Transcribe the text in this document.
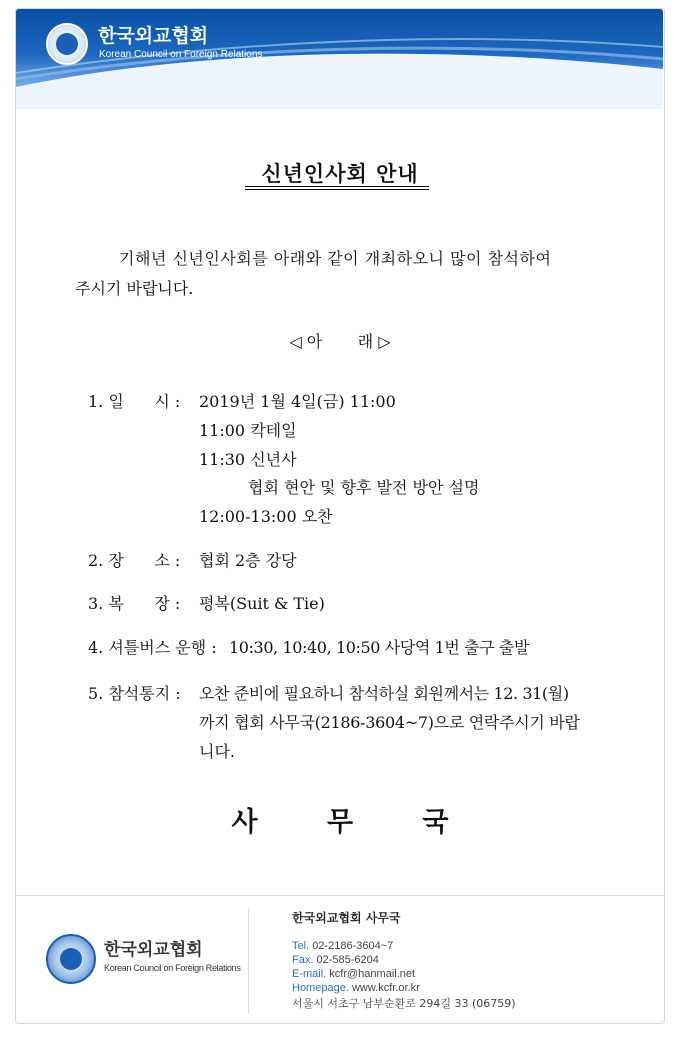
한국외교협회
Korean Council on Foreign Relations
신년인사회 안내
기해년 신년인사회를 아래와 같이 개최하오니 많이 참석하여
주시기 바랍니다.
◁ 아       래 ▷
1. 일      시 : 2019년 1월 4일(금) 11:00
11:00 칵테일
11:30 신년사
협회 현안 및 향후 발전 방안 설명
12:00-13:00 오찬
2. 장      소 : 협회 2층 강당
3. 복      장 : 평복(Suit & Tie)
4. 셔틀버스 운행 : 10:30, 10:40, 10:50 사당역 1번 출구 출발
5. 참석통지 : 오찬 준비에 필요하니 참석하실 회원께서는 12. 31(월)
까지 협회 사무국(2186-3604~7)으로 연락주시기 바랍
니다.
사 무 국
한국외교협회
Korean Council on Foreign Relations
한국외교협회 사무국
Tel. 02-2186-3604~7
Fax. 02-585-6204
E-mail. kcfr@hanmail.net
Homepage. www.kcfr.or.kr
서울시 서초구 남부순환로 294길 33 (06759)
